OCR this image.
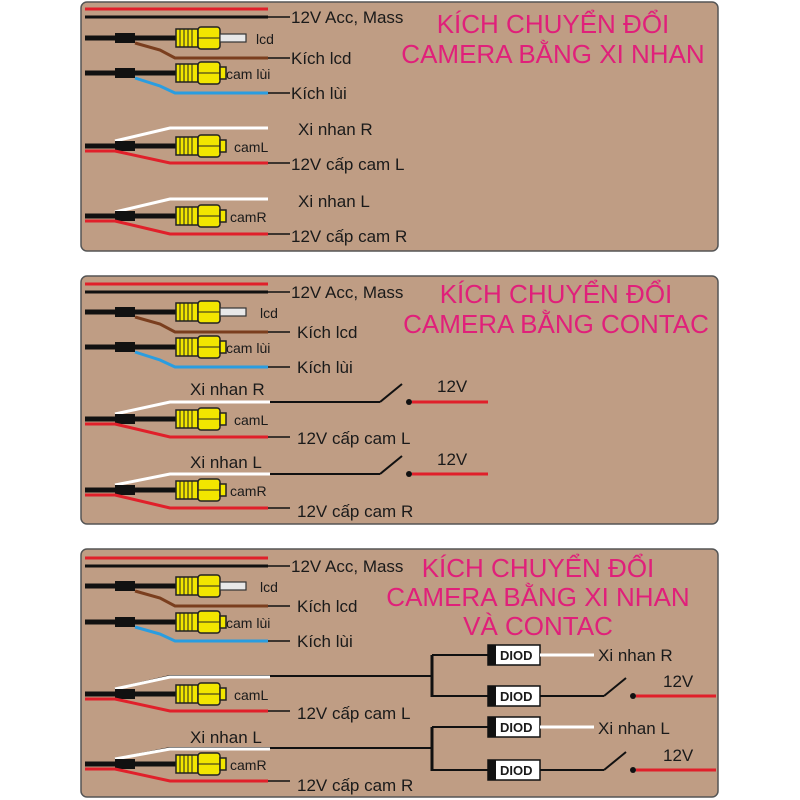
12V Acc, Mass
lcd
Kích lcd
cam lùi
Kích lùi
Xi nhan R
camL
12V cấp cam L
Xi nhan L
camR
12V cấp cam R
KÍCH CHUYỂN ĐỔI
CAMERA BẰNG XI NHAN
12V Acc, Mass
lcd
Kích lcd
cam lùi
Kích lùi
Xi nhan R	12V
camL
12V cấp cam L
Xi nhan L	12V
camR
12V cấp cam R
KÍCH CHUYỂN ĐỔI
CAMERA BẰNG CONTAC
12V Acc, Mass
lcd
Kích lcd
cam lùi
Kích lùi
DIOD	Xi nhan R
DIOD
12V
camL
12V cấp cam L
Xi nhan L
DIOD	Xi nhan L
DIOD
12V
camR
12V cấp cam R
KÍCH CHUYỂN ĐỔI
CAMERA BẰNG XI NHAN
VÀ CONTAC
